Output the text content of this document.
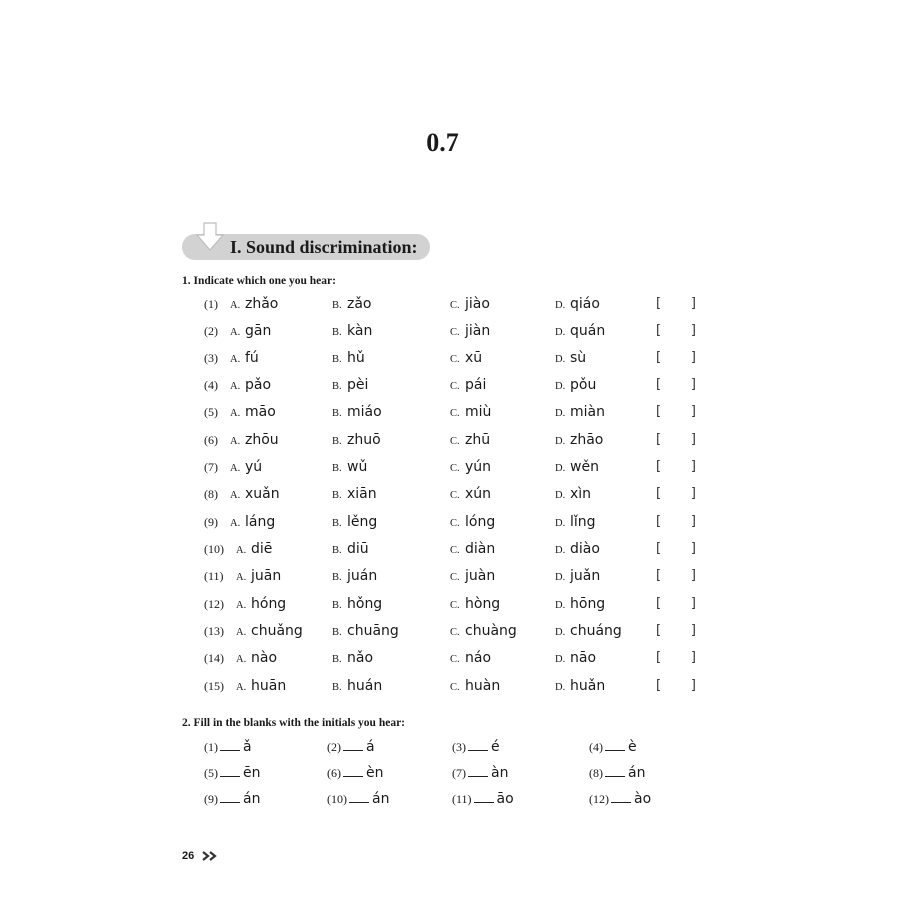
0.7
I. Sound discrimination:
1. Indicate which one you hear:
(1) A. zhǎo	B. zǎo	C. jiào	D. qiáo	[ ]
(2) A. gān	B. kàn	C. jiàn	D. quán	[ ]
(3) A. fú	B. hǔ	C. xū	D. sù	[ ]
(4) A. pǎo	B. pèi	C. pái	D. pǒu	[ ]
(5) A. māo	B. miáo	C. miù	D. miàn	[ ]
(6) A. zhōu	B. zhuō	C. zhū	D. zhāo	[ ]
(7) A. yú	B. wǔ	C. yún	D. wěn	[ ]
(8) A. xuǎn	B. xiān	C. xún	D. xìn	[ ]
(9) A. láng	B. lěng	C. lóng	D. lǐng	[ ]
(10) A. diē	B. diū	C. diàn	D. diào	[ ]
(11) A. juān	B. juán	C. juàn	D. juǎn	[ ]
(12) A. hóng	B. hǒng	C. hòng	D. hōng	[ ]
(13) A. chuǎng	B. chuāng	C. chuàng	D. chuáng	[ ]
(14) A. nào	B. nǎo	C. náo	D. nāo	[ ]
(15) A. huān	B. huán	C. huàn	D. huǎn	[ ]
2. Fill in the blanks with the initials you hear:
(1) ǎ	(2) á	(3) é	(4) è
(5) ēn	(6) èn	(7) àn	(8) án
(9) án	(10) án	(11) āo	(12) ào
26
